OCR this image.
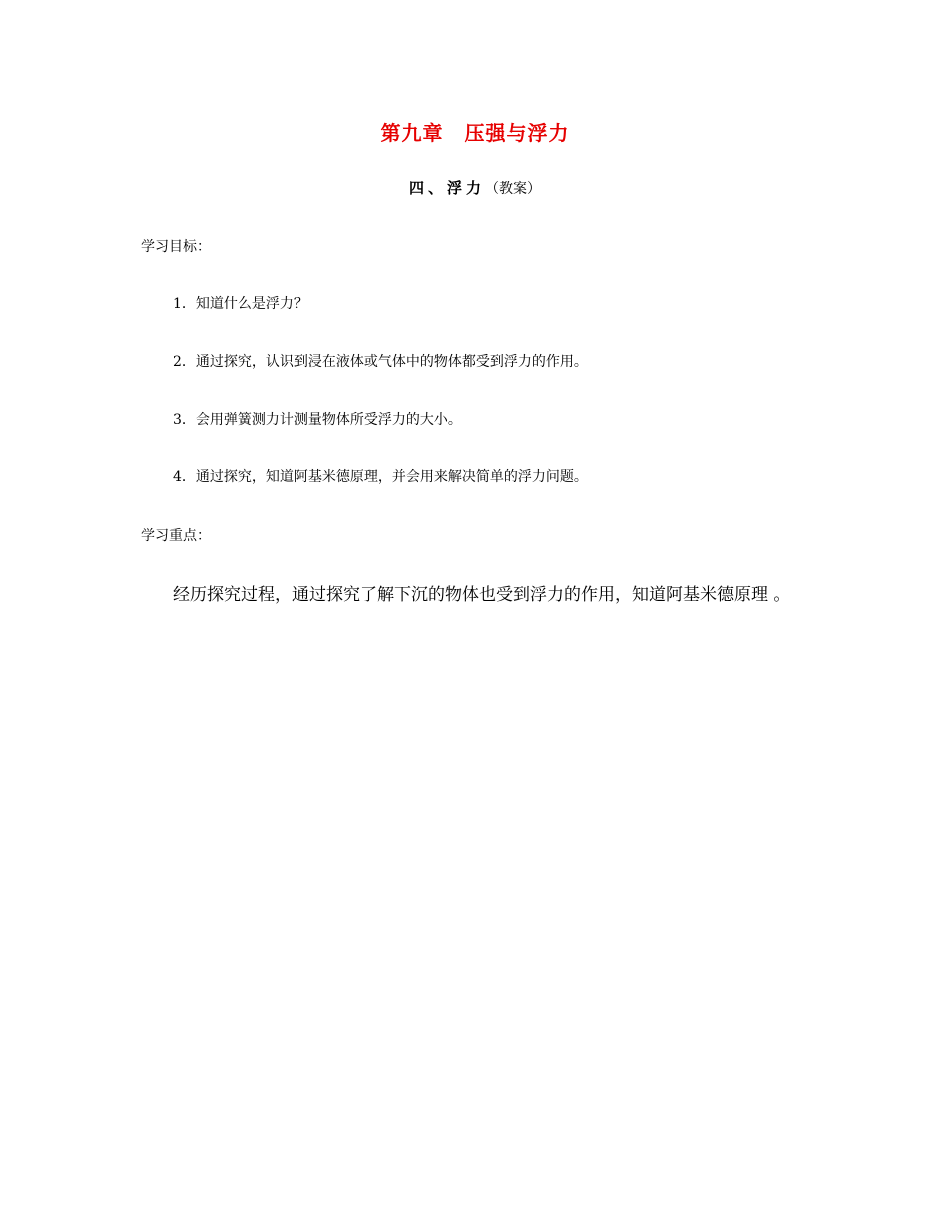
第九章　压强与浮力
四、浮力（教案）
学习目标：
1．知道什么是浮力？
2．通过探究，认识到浸在液体或气体中的物体都受到浮力的作用。
3．会用弹簧测力计测量物体所受浮力的大小。
4．通过探究，知道阿基米德原理，并会用来解决简单的浮力问题。
学习重点：
经历探究过程，通过探究了解下沉的物体也受到浮力的作用，知道阿基米德原理 。
